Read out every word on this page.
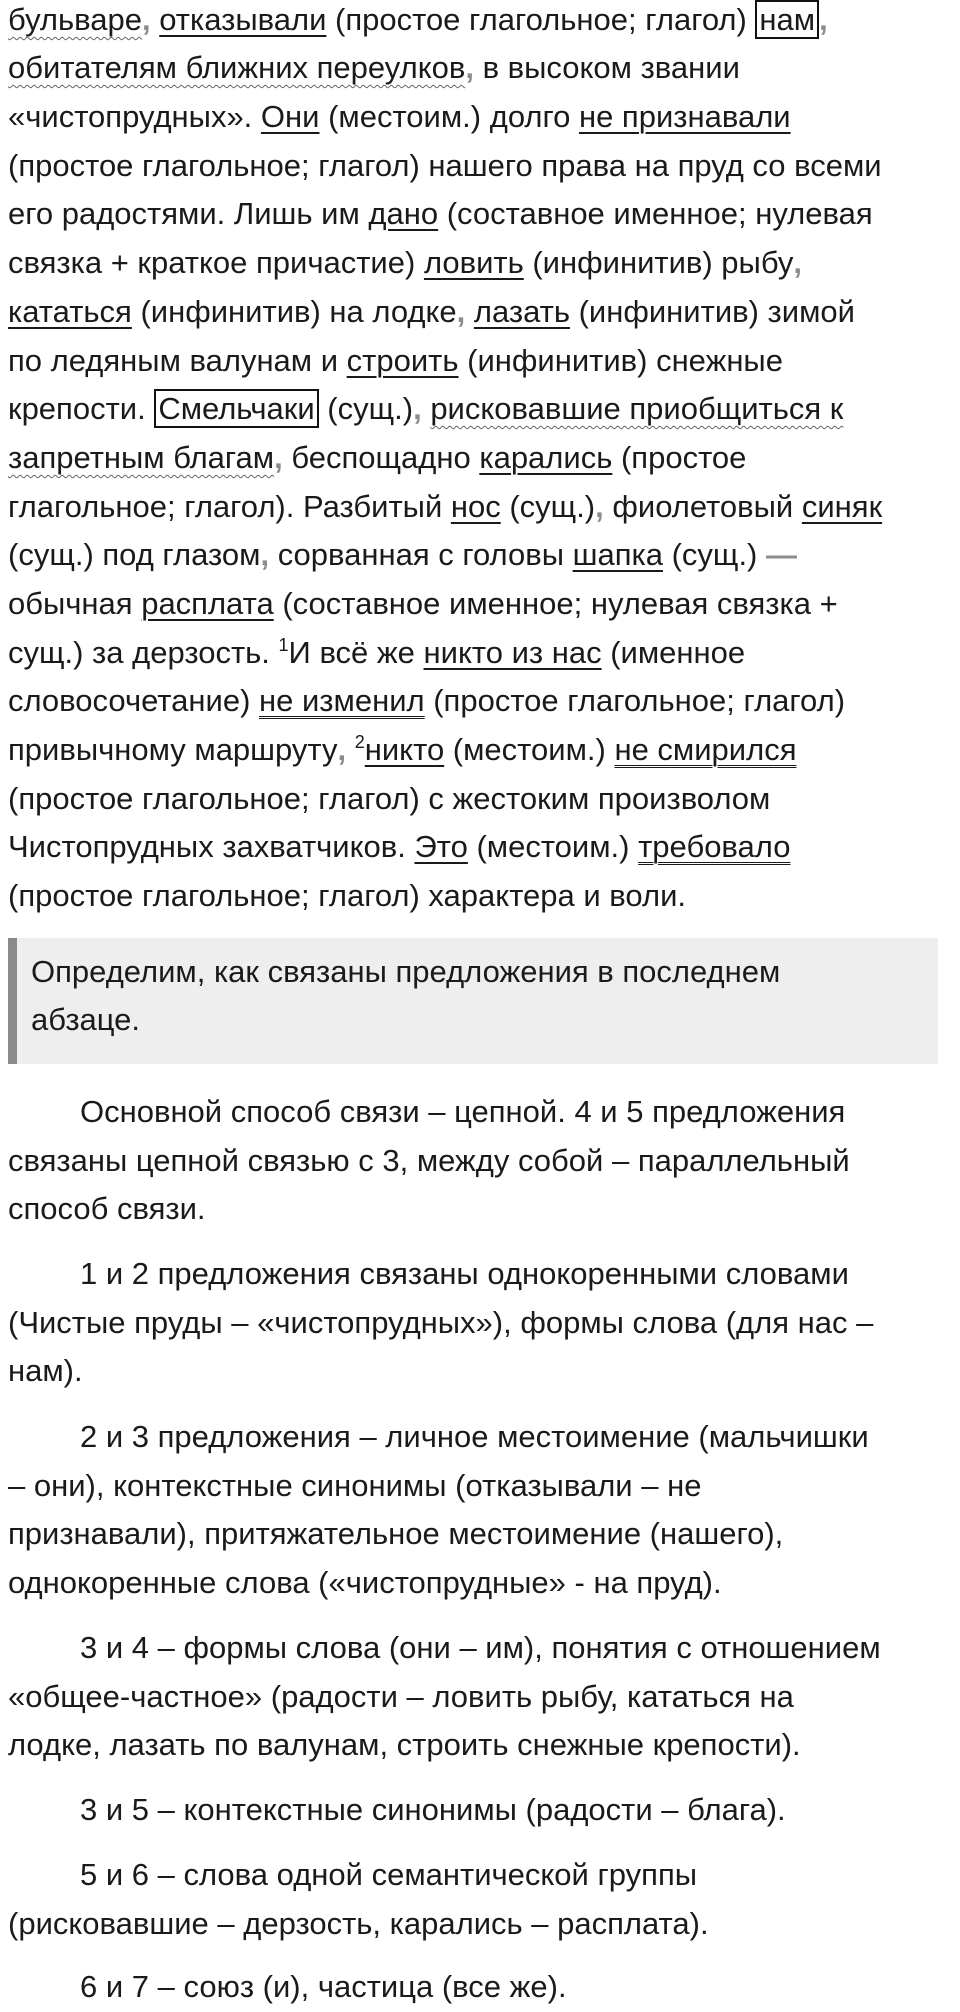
бульваре, отказывали (простое глагольное; глагол) нам ,
обитателям ближних переулков, в высоком звании
«чистопрудных». Они (местоим.) долго не признавали
(простое глагольное; глагол) нашего права на пруд со всеми
его радостями. Лишь им дано (составное именное; нулевая
связка + краткое причастие) ловить (инфинитив) рыбу,
кататься (инфинитив) на лодке, лазать (инфинитив) зимой
по ледяным валунам и строить (инфинитив) снежные
крепости. Смельчаки (сущ.), рисковавшие приобщиться к
запретным благам, беспощадно карались (простое
глагольное; глагол). Разбитый нос (сущ.), фиолетовый синяк
(сущ.) под глазом, сорванная с головы шапка (сущ.) —
обычная расплата (составное именное; нулевая связка +
сущ.) за дерзость. $^1$И всё же никто из нас (именное
словосочетание) не изменил (простое глагольное; глагол)
привычному маршруту, $^2$никто (местоим.) не смирился
(простое глагольное; глагол) с жестоким произволом
Чистопрудных захватчиков. Это (местоим.) требовало
(простое глагольное; глагол) характера и воли.
Определим, как связаны предложения в последнем
абзаце.
Основной способ связи – цепной. 4 и 5 предложения
связаны цепной связью с 3, между собой – параллельный
способ связи.
1 и 2 предложения связаны однокоренными словами
(Чистые пруды – «чистопрудных»), формы слова (для нас –
нам).
2 и 3 предложения – личное местоимение (мальчишки
– они), контекстные синонимы (отказывали – не
признавали), притяжательное местоимение (нашего),
однокоренные слова («чистопрудные» - на пруд).
3 и 4 – формы слова (они – им), понятия с отношением
«общее-частное» (радости – ловить рыбу, кататься на
лодке, лазать по валунам, строить снежные крепости).
3 и 5 – контекстные синонимы (радости – блага).
5 и 6 – слова одной семантической группы
(рисковавшие – дерзость, карались – расплата).
6 и 7 – союз (и), частица (все же).
